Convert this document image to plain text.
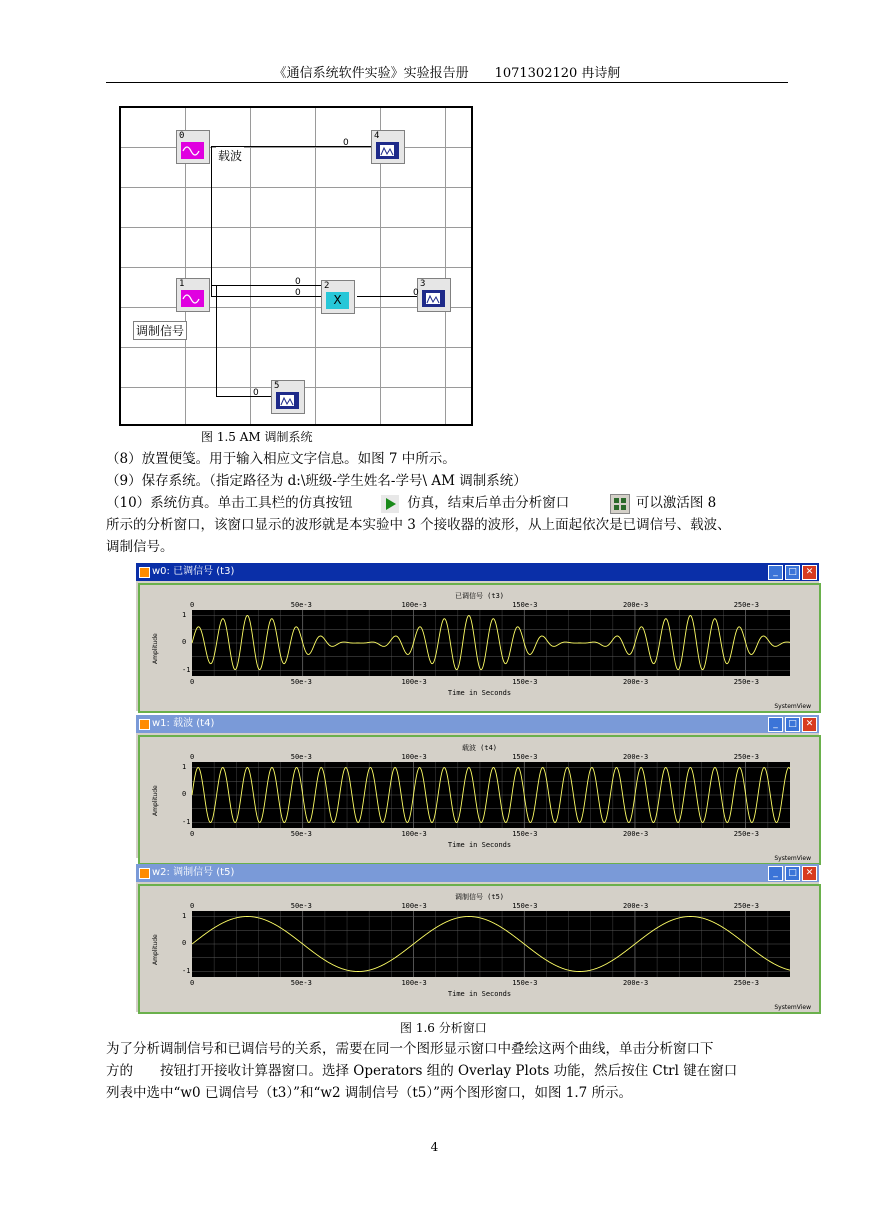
《通信系统软件实验》实验报告册　　1071302120 冉诗舸
0	4
1	2
X
3
5
0
0
0	0
0
载波
调制信号
图 1.5 AM 调制系统
（8）放置便笺。用于输入相应文字信息。如图 7 中所示。
（9）保存系统。（指定路径为 d:\班级-学生姓名-学号\ AM 调制系统）
（10）系统仿真。单击工具栏的仿真按钮	仿真，结束后单击分析窗口	可以激活图 8
所示的分析窗口，该窗口显示的波形就是本实验中 3 个接收器的波形，从上面起依次是已调信号、载波、
调制信号。
w0: 已调信号 (t3)	_	□ ✕
已调信号 (t3)
0
0
50e-3
50e-3
100e-3
100e-3
150e-3
150e-3
200e-3
200e-3
250e-3
250e-3
1
0
-1
Time in Seconds
Amplitude
SystemView
w1: 载波 (t4)	_	□ ✕
载波 (t4)
0
0
50e-3
50e-3
100e-3
100e-3
150e-3
150e-3
200e-3
200e-3
250e-3
250e-3
1
0
-1
Time in Seconds
Amplitude
SystemView
w2: 调制信号 (t5)	_	□ ✕
调制信号 (t5)
0
0
50e-3
50e-3
100e-3
100e-3
150e-3
150e-3
200e-3
200e-3
250e-3
250e-3
1
0
-1
Time in Seconds
Amplitude
SystemView
图 1.6 分析窗口
为了分析调制信号和已调信号的关系，需要在同一个图形显示窗口中叠绘这两个曲线，单击分析窗口下
方的　　按钮打开接收计算器窗口。选择 Operators 组的 Overlay Plots 功能，然后按住 Ctrl 键在窗口
列表中选中“w0 已调信号（t3）”和“w2 调制信号（t5）”两个图形窗口，如图 1.7 所示。
4
